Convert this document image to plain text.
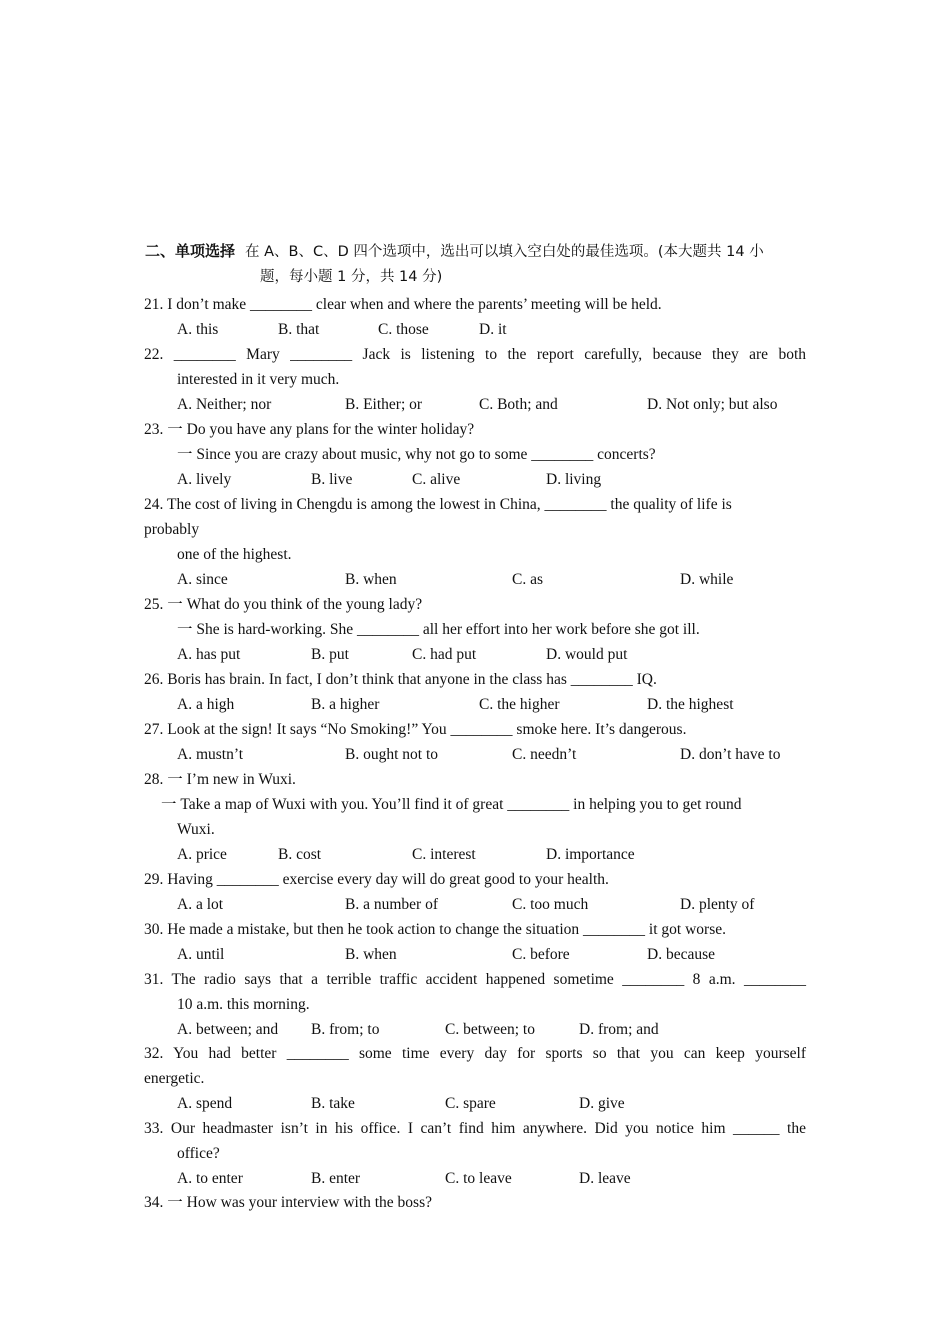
二、单项选择 在 A、B、C、D 四个选项中，选出可以填入空白处的最佳选项。(本大题共 14 小
题，每小题 1 分，共 14 分)
21. I don’t make ________ clear when and where the parents’ meeting will be held.
A. this	B. that	C. those	D. it
22. ________ Mary ________ Jack is listening to the report carefully, because they are both
interested in it very much.
A. Neither; nor	B. Either; or	C. Both; and	D. Not only; but also
23. 一 Do you have any plans for the winter holiday?
一 Since you are crazy about music, why not go to some ________ concerts?
A. lively	B. live	C. alive	D. living
24. The cost of living in Chengdu is among the lowest in China, ________ the quality of life is
probably
one of the highest.
A. since	B. when	C. as	D. while
25. 一 What do you think of the young lady?
一 She is hard-working. She ________ all her effort into her work before she got ill.
A. has put	B. put	C. had put	D. would put
26. Boris has brain. In fact, I don’t think that anyone in the class has ________ IQ.
A. a high	B. a higher	C. the higher	D. the highest
27. Look at the sign! It says “No Smoking!” You ________ smoke here. It’s dangerous.
A. mustn’t	B. ought not to	C. needn’t	D. don’t have to
28. 一 I’m new in Wuxi.
一 Take a map of Wuxi with you. You’ll find it of great ________ in helping you to get round
Wuxi.
A. price	B. cost	C. interest	D. importance
29. Having ________ exercise every day will do great good to your health.
A. a lot	B. a number of	C. too much	D. plenty of
30. He made a mistake, but then he took action to change the situation ________ it got worse.
A. until	B. when	C. before	D. because
31. The radio says that a terrible traffic accident happened sometime ________ 8 a.m. ________
10 a.m. this morning.
A. between; and B. from; to	C. between; to	D. from; and
32. You had better ________ some time every day for sports so that you can keep yourself
energetic.
A. spend	B. take	C. spare	D. give
33. Our headmaster isn’t in his office. I can’t find him anywhere. Did you notice him ______ the
office?
A. to enter	B. enter	C. to leave	D. leave
34. 一 How was your interview with the boss?
